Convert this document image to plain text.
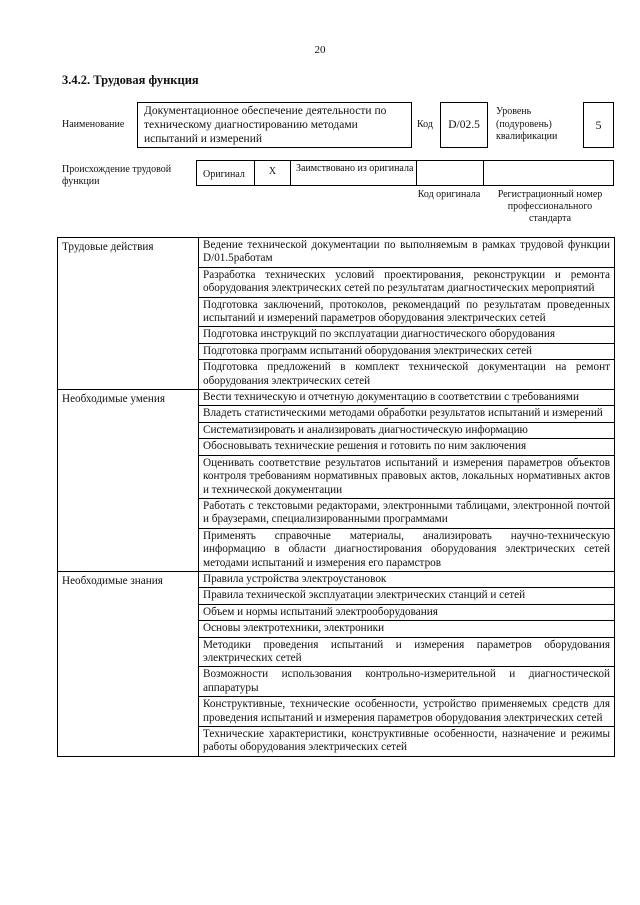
20
3.4.2. Трудовая функция
Наименование
Документационное обеспечение деятельности по техническому диагностированию методами испытаний и измерений
Код	D/02.5
Уровень (подуровень) квалификации
5
Происхождение трудовой функции
Оригинал	X	Заимствовано из оригинала
Код оригинала	Регистрационный номер профессионального стандарта
Трудовые действия	Ведение технической документации по выполняемым в рамках трудовой функции D/01.5работам
	Разработка технических условий проектирования, реконструкции и ремонта оборудования электрических сетей по результатам диагностических мероприятий
	Подготовка заключений, протоколов, рекомендаций по результатам проведенных испытаний и измерений параметров оборудования электрических сетей
	Подготовка инструкций по эксплуатации диагностического оборудования
	Подготовка программ испытаний оборудования электрических сетей
	Подготовка предложений в комплект технической документации на ремонт оборудования электрических сетей
Необходимые умения	Вести техническую и отчетную документацию в соответствии с требованиями
	Владеть статистическими методами обработки результатов испытаний и измерений
	Систематизировать и анализировать диагностическую информацию
	Обосновывать технические решения и готовить по ним заключения
	Оценивать соответствие результатов испытаний и измерения параметров объектов контроля требованиям нормативных правовых актов, локальных нормативных актов и технической документации
	Работать с текстовыми редакторами, электронными таблицами, электронной почтой и браузерами, специализированными программами
	Применять справочные материалы, анализировать научно-техническую информацию в области диагностирования оборудования электрических сетей методами испытаний и измерения его парамстров
Необходимые знания	Правила устройства электроустановок
	Правила технической эксплуатации электрических станций и сетей
	Объем и нормы испытаний электрооборудования
	Основы электротехники, электроники
	Методики проведения испытаний и измерения параметров оборудования электрических сетей
	Возможности использования контрольно-измерительной и диагностической аппаратуры
	Конструктивные, технические особенности, устройство применяемых средств для проведения испытаний и измерения параметров оборудования электрических сетей
	Технические характеристики, конструктивные особенности, назначение и режимы работы оборудования электрических сетей
